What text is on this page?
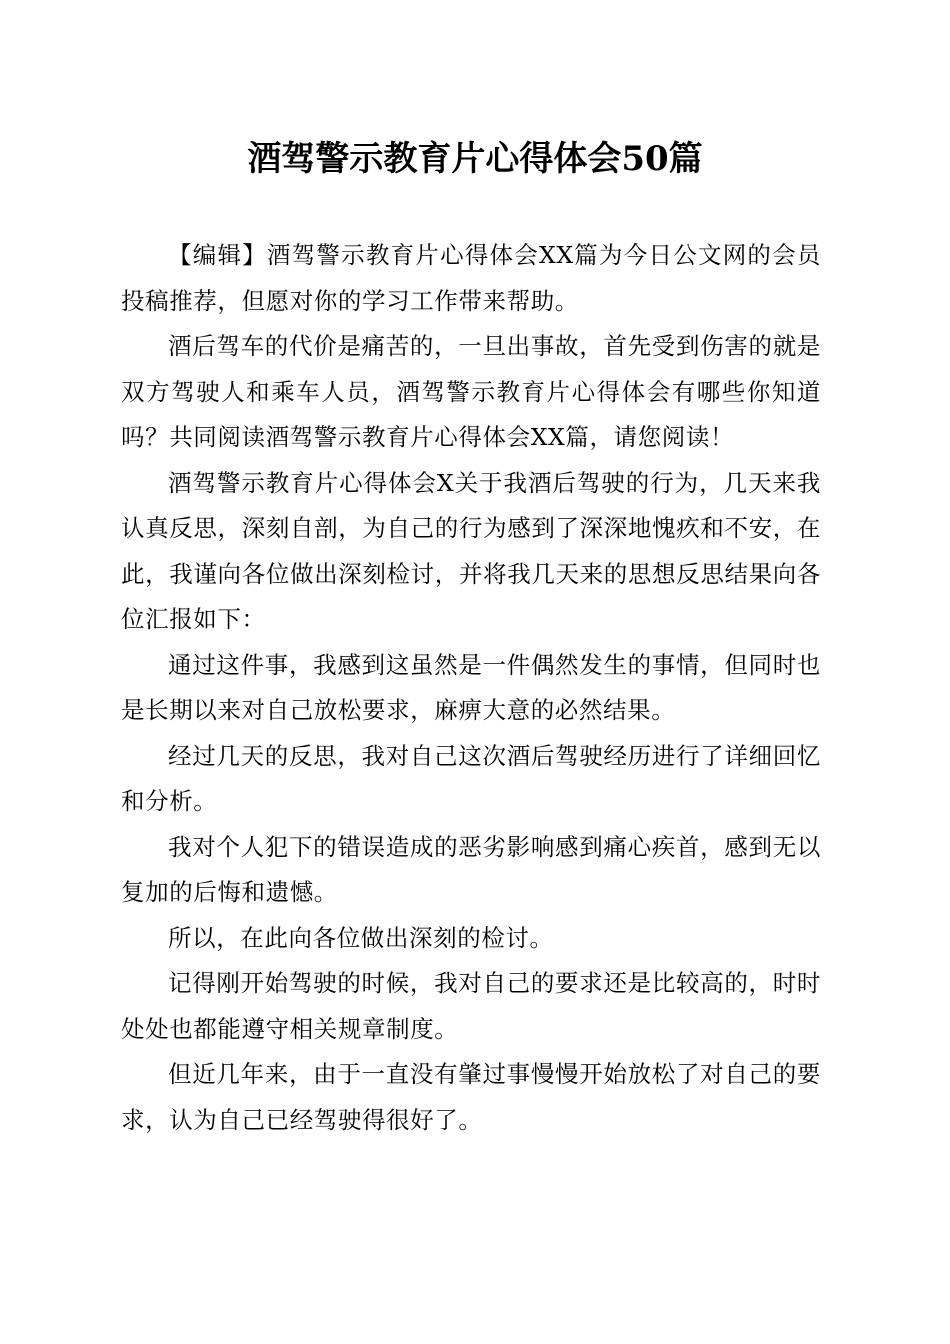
酒驾警示教育片心得体会50篇

【编辑】酒驾警示教育片心得体会XX篇为今日公文网的会员投稿推荐，但愿对你的学习工作带来帮助。

酒后驾车的代价是痛苦的，一旦出事故，首先受到伤害的就是双方驾驶人和乘车人员，酒驾警示教育片心得体会有哪些你知道吗？共同阅读酒驾警示教育片心得体会XX篇，请您阅读！

酒驾警示教育片心得体会X关于我酒后驾驶的行为，几天来我认真反思，深刻自剖，为自己的行为感到了深深地愧疚和不安，在此，我谨向各位做出深刻检讨，并将我几天来的思想反思结果向各位汇报如下：

通过这件事，我感到这虽然是一件偶然发生的事情，但同时也是长期以来对自己放松要求，麻痹大意的必然结果。

经过几天的反思，我对自己这次酒后驾驶经历进行了详细回忆和分析。

我对个人犯下的错误造成的恶劣影响感到痛心疾首，感到无以复加的后悔和遗憾。

所以，在此向各位做出深刻的检讨。

记得刚开始驾驶的时候，我对自己的要求还是比较高的，时时处处也都能遵守相关规章制度。

但近几年来，由于一直没有肇过事慢慢开始放松了对自己的要求，认为自己已经驾驶得很好了。
